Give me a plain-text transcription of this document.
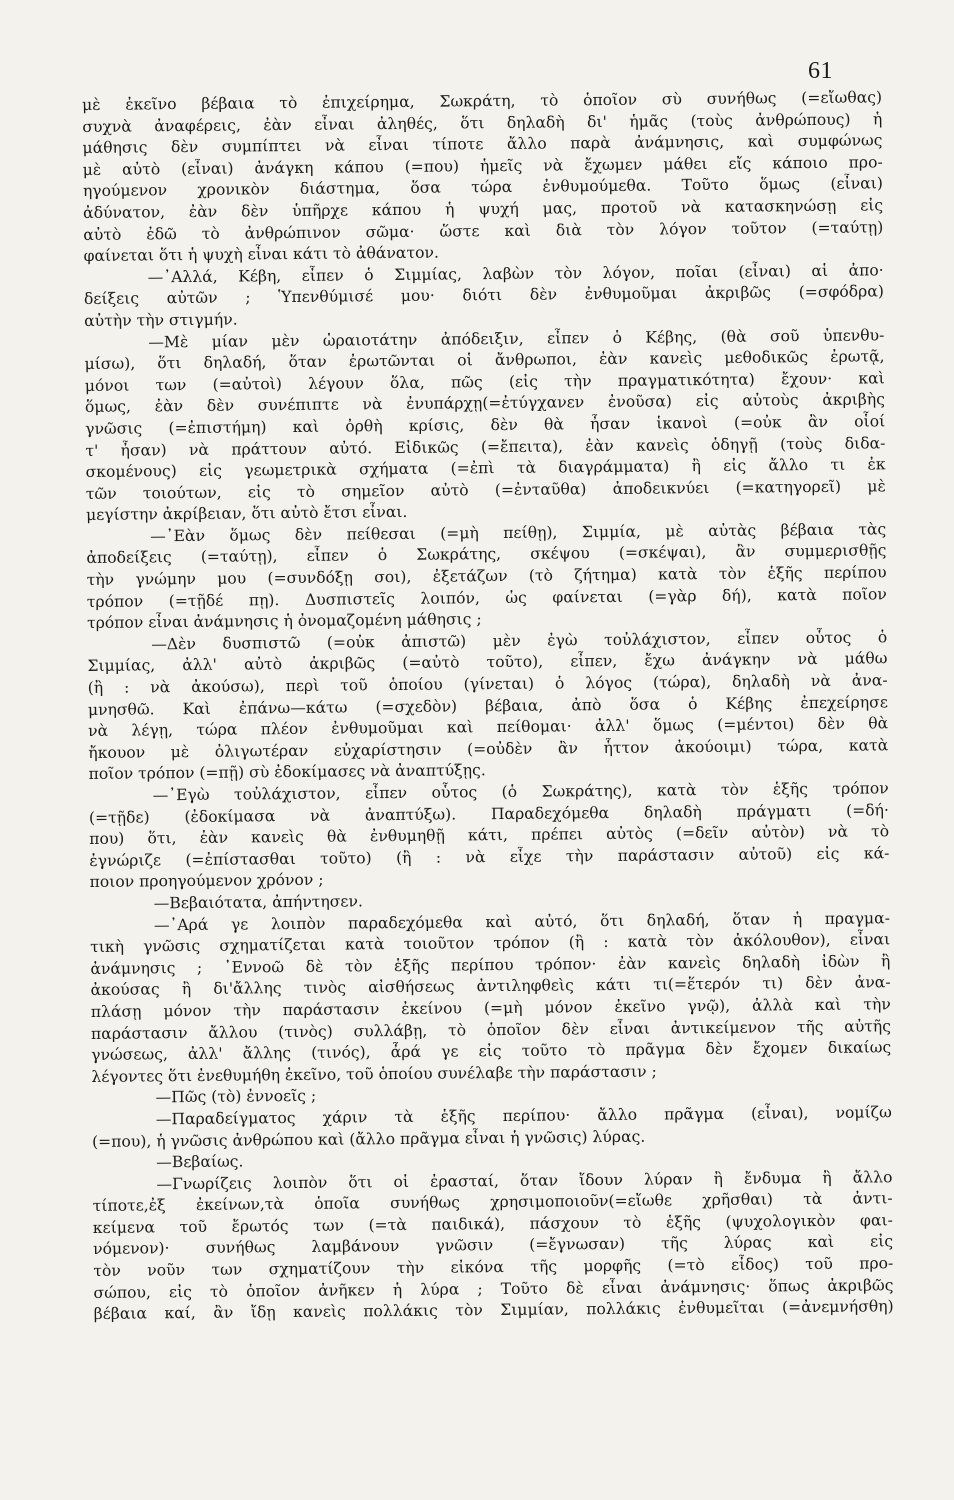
61
μὲ ἐκεῖνο βέβαια τὸ ἐπιχείρημα, Σωκράτη, τὸ ὁποῖον σὺ συνήθως (=εἴωθας)
συχνὰ ἀναφέρεις, ἐὰν εἶναι ἀληθές, ὅτι δηλαδὴ δι' ἡμᾶς (τοὺς ἀνθρώπους) ἡ
μάθησις δὲν συμπίπτει νὰ εἶναι τίποτε ἄλλο παρὰ ἀνάμνησις, καὶ συμφώνως
μὲ αὐτὸ (εἶναι) ἀνάγκη κάπου (=που) ἡμεῖς νὰ ἔχωμεν μάθει εἴς κάποιο προ-
ηγούμενον χρονικὸν διάστημα, ὅσα τώρα ἐνθυμούμεθα. Τοῦτο ὅμως (εἶναι)
ἀδύνατον, ἐὰν δὲν ὑπῆρχε κάπου ἡ ψυχή μας, προτοῦ νὰ κατασκηνώσῃ εἰς
αὐτὸ ἐδῶ τὸ ἀνθρώπινον σῶμα· ὥστε καὶ διὰ τὸν λόγον τοῦτον (=ταύτῃ)
φαίνεται ὅτι ἡ ψυχὴ εἶναι κάτι τὸ ἀθάνατον.
—᾿Αλλά, Κέβη, εἶπεν ὁ Σιμμίας, λαβὼν τὸν λόγον, ποῖαι (εἶναι) αἱ ἀπο·
δείξεις αὐτῶν ; Ὑπενθύμισέ μου· διότι δὲν ἐνθυμοῦμαι ἀκριβῶς (=σφόδρα)
αὐτὴν τὴν στιγμήν.
—Μὲ μίαν μὲν ὡραιοτάτην ἀπόδειξιν, εἶπεν ὁ Κέβης, (θὰ σοῦ ὑπενθυ-
μίσω), ὅτι δηλαδή, ὅταν ἐρωτῶνται οἱ ἄνθρωποι, ἐὰν κανεὶς μεθοδικῶς ἐρωτᾷ,
μόνοι των (=αὐτοὶ) λέγουν ὅλα, πῶς (εἰς τὴν πραγματικότητα) ἔχουν· καὶ
ὅμως, ἐὰν δὲν συνέπιπτε νὰ ἐνυπάρχῃ(=ἐτύγχανεν ἐνοῦσα) εἰς αὐτοὺς ἀκριβὴς
γνῶσις (=ἐπιστήμη) καὶ ὀρθὴ κρίσις, δὲν θὰ ἦσαν ἱκανοὶ (=οὐκ ἂν οἷοί
τ' ἦσαν) νὰ πράττουν αὐτό. Εἰδικῶς (=ἔπειτα), ἐὰν κανεὶς ὁδηγῇ (τοὺς διδα-
σκομένους) εἰς γεωμετρικὰ σχήματα (=ἐπὶ τὰ διαγράμματα) ἢ εἰς ἄλλο τι ἐκ
τῶν τοιούτων, εἰς τὸ σημεῖον αὐτὸ (=ἐνταῦθα) ἀποδεικνύει (=κατηγορεῖ) μὲ
μεγίστην ἀκρίβειαν, ὅτι αὐτὸ ἔτσι εἶναι.
—᾿Εὰν ὅμως δὲν πείθεσαι (=μὴ πείθῃ), Σιμμία, μὲ αὐτὰς βέβαια τὰς
ἀποδείξεις (=ταύτῃ), εἶπεν ὁ Σωκράτης, σκέψου (=σκέψαι), ἂν συμμερισθῇς
τὴν γνώμην μου (=συνδόξῃ σοι), ἐξετάζων (τὸ ζήτημα) κατὰ τὸν ἑξῆς περίπου
τρόπον (=τῇδέ πῃ). Δυσπιστεῖς λοιπόν, ὡς φαίνεται (=γὰρ δή), κατὰ ποῖον
τρόπον εἶναι ἀνάμνησις ἡ ὀνομαζομένη μάθησις ;
—Δὲν δυσπιστῶ (=οὐκ ἀπιστῶ) μὲν ἐγὼ τοὐλάχιστον, εἶπεν οὗτος ὁ
Σιμμίας, ἀλλ' αὐτὸ ἀκριβῶς (=αὐτὸ τοῦτο), εἶπεν, ἔχω ἀνάγκην νὰ μάθω
(ἢ : νὰ ἀκούσω), περὶ τοῦ ὁποίου (γίνεται) ὁ λόγος (τώρα), δηλαδὴ νὰ ἀνα-
μνησθῶ. Καὶ ἐπάνω—κάτω (=σχεδὸν) βέβαια, ἀπὸ ὅσα ὁ Κέβης ἐπεχείρησε
νὰ λέγῃ, τώρα πλέον ἐνθυμοῦμαι καὶ πείθομαι· ἀλλ' ὅμως (=μέντοι) δὲν θὰ
ἤκουον μὲ ὀλιγωτέραν εὐχαρίστησιν (=οὐδὲν ἂν ἧττον ἀκούοιμι) τώρα, κατὰ
ποῖον τρόπον (=πῇ) σὺ ἐδοκίμασες νὰ ἀναπτύξῃς.
—᾿Εγὼ τοὐλάχιστον, εἶπεν οὗτος (ὁ Σωκράτης), κατὰ τὸν ἑξῆς τρόπον
(=τῇδε) (ἐδοκίμασα νὰ ἀναπτύξω). Παραδεχόμεθα δηλαδὴ πράγματι (=δή·
που) ὅτι, ἐὰν κανεὶς θὰ ἐνθυμηθῇ κάτι, πρέπει αὐτὸς (=δεῖν αὐτὸν) νὰ τὸ
ἐγνώριζε (=ἐπίστασθαι τοῦτο) (ἢ : νὰ εἶχε τὴν παράστασιν αὐτοῦ) εἰς κά-
ποιον προηγούμενον χρόνον ;
—Βεβαιότατα, ἀπήντησεν.
—᾿Αρά γε λοιπὸν παραδεχόμεθα καὶ αὐτό, ὅτι δηλαδή, ὅταν ἡ πραγμα-
τικὴ γνῶσις σχηματίζεται κατὰ τοιοῦτον τρόπον (ἢ : κατὰ τὸν ἀκόλουθον), εἶναι
ἀνάμνησις ; ᾿Εννοῶ δὲ τὸν ἑξῆς περίπου τρόπον· ἐὰν κανεὶς δηλαδὴ ἰδὼν ἢ
ἀκούσας ἢ δι'ἄλλης τινὸς αἰσθήσεως ἀντιληφθεὶς κάτι τι(=ἕτερόν τι) δὲν ἀνα-
πλάσῃ μόνον τὴν παράστασιν ἐκείνου (=μὴ μόνον ἐκεῖνο γνῷ), ἀλλὰ καὶ τὴν
παράστασιν ἄλλου (τινὸς) συλλάβῃ, τὸ ὁποῖον δὲν εἶναι ἀντικείμενον τῆς αὐτῆς
γνώσεως, ἀλλ' ἄλλης (τινός), ἆρά γε εἰς τοῦτο τὸ πρᾶγμα δὲν ἔχομεν δικαίως
λέγοντες ὅτι ἐνεθυμήθη ἐκεῖνο, τοῦ ὁποίου συνέλαβε τὴν παράστασιν ;
—Πῶς (τὸ) ἐννοεῖς ;
—Παραδείγματος χάριν τὰ ἑξῆς περίπου· ἄλλο πρᾶγμα (εἶναι), νομίζω
(=που), ἡ γνῶσις ἀνθρώπου καὶ (ἄλλο πρᾶγμα εἶναι ἡ γνῶσις) λύρας.
—Βεβαίως.
—Γνωρίζεις λοιπὸν ὅτι οἱ ἐρασταί, ὅταν ἴδουν λύραν ἢ ἔνδυμα ἢ ἄλλο
τίποτε,ἐξ ἐκείνων,τὰ ὁποῖα συνήθως χρησιμοποιοῦν(=εἴωθε χρῆσθαι) τὰ ἀντι-
κείμενα τοῦ ἔρωτός των (=τὰ παιδικά), πάσχουν τὸ ἑξῆς (ψυχολογικὸν φαι-
νόμενον)· συνήθως λαμβάνουν γνῶσιν (=ἔγνωσαν) τῆς λύρας καὶ εἰς
τὸν νοῦν των σχηματίζουν τὴν εἰκόνα τῆς μορφῆς (=τὸ εἶδος) τοῦ προ-
σώπου, εἰς τὸ ὁποῖον ἀνῆκεν ἡ λύρα ; Τοῦτο δὲ εἶναι ἀνάμνησις· ὅπως ἀκριβῶς
βέβαια καί, ἂν ἴδῃ κανεὶς πολλάκις τὸν Σιμμίαν, πολλάκις ἐνθυμεῖται (=ἀνεμνήσθη)
